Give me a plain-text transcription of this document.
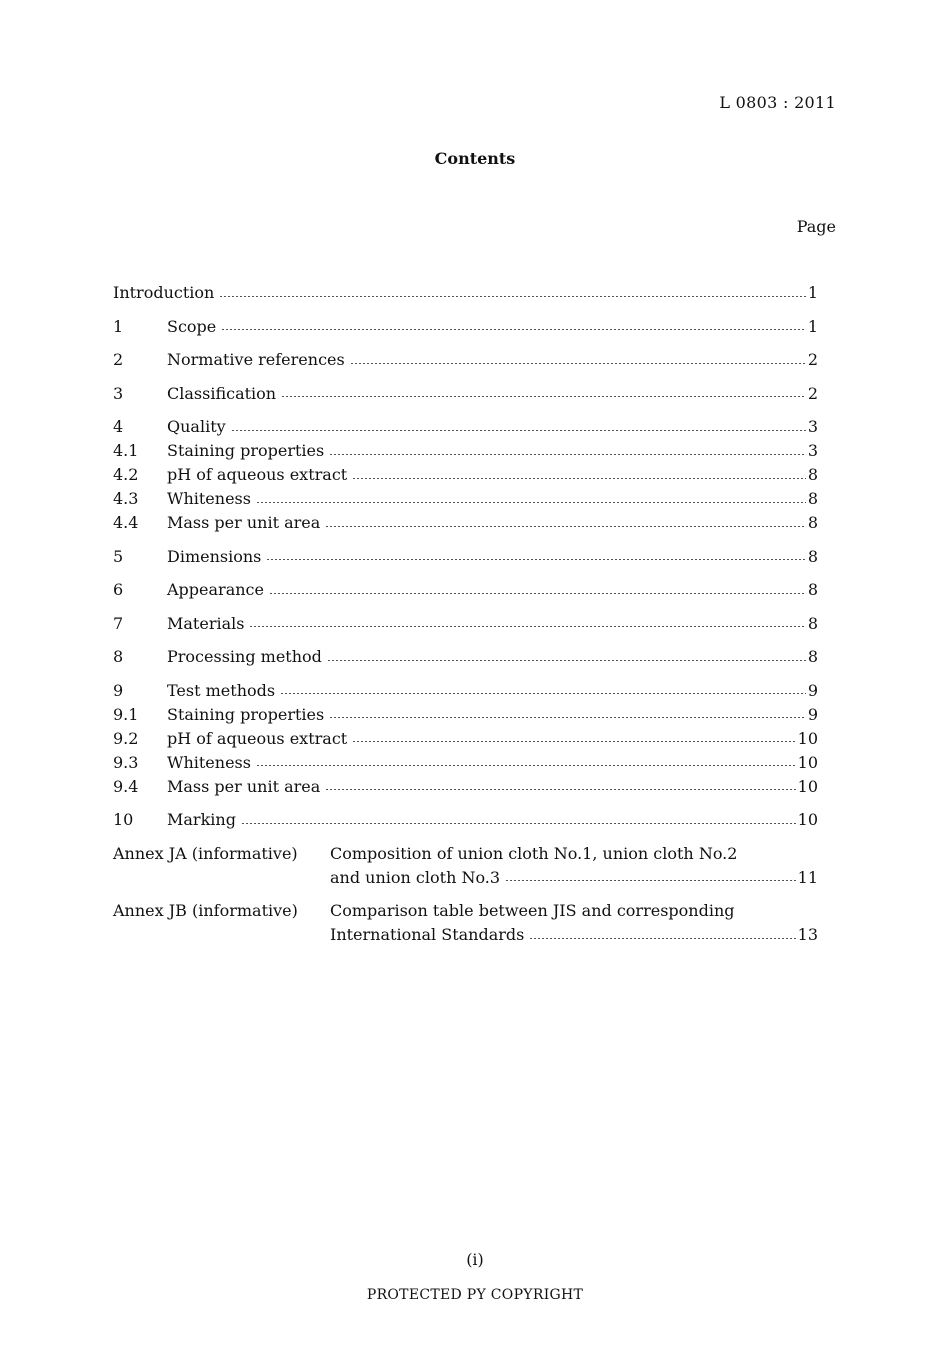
L 0803 : 2011
Contents
Page
Introduction	1
1	Scope	1
2	Normative references	2
3	Classification	2
4	Quality	3
4.1	Staining properties	3
4.2	pH of aqueous extract	8
4.3	Whiteness	8
4.4	Mass per unit area	8
5	Dimensions	8
6	Appearance	8
7	Materials	8
8	Processing method	8
9	Test methods	9
9.1	Staining properties	9
9.2	pH of aqueous extract	10
9.3	Whiteness	10
9.4	Mass per unit area	10
10	Marking	10
Annex JA (informative)	Composition of union cloth No.1, union cloth No.2
and union cloth No.3	11
Annex JB (informative)	Comparison table between JIS and corresponding
International Standards	13
(i)
PROTECTED PY COPYRIGHT
